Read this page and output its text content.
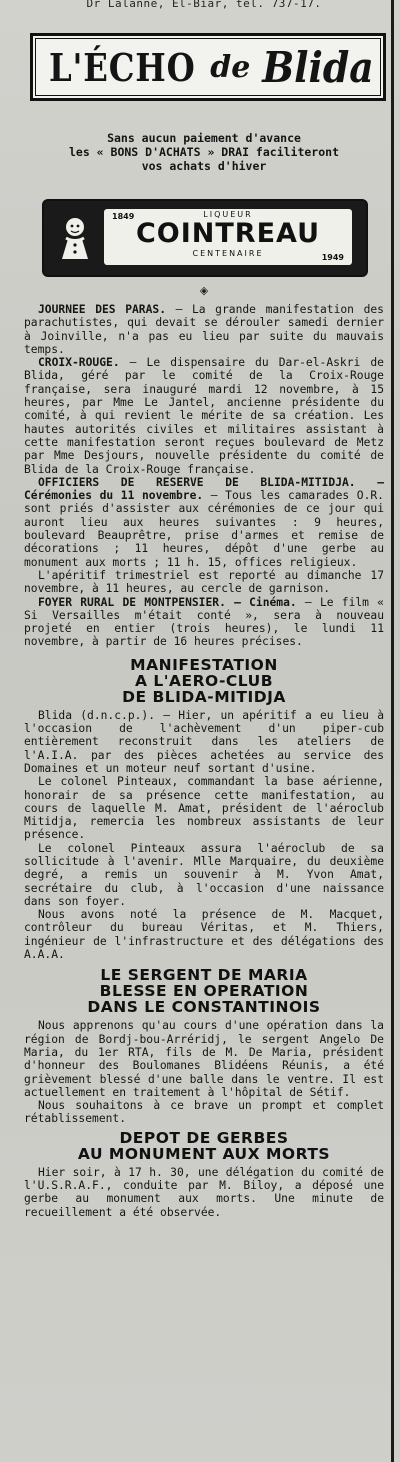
Dr Lalanne, El-Biar, tel. 737-17.
L'ÉCHO de Blida
Sans aucun paiement d'avance
les « BONS D'ACHATS » DRAI faciliteront
vos achats d'hiver
1849	LIQUEUR
COINTREAU
CENTENAIRE	1949
◈

JOURNEE DES PARAS. — La grande manifestation des parachutistes, qui devait se dérouler samedi dernier à Joinville, n'a pas eu lieu par suite du mauvais temps.

CROIX-ROUGE. — Le dispensaire du Dar-el-Askri de Blida, géré par le comité de la Croix-Rouge française, sera inauguré mardi 12 novembre, à 15 heures, par Mme Le Jantel, ancienne présidente du comité, à qui revient le mérite de sa création. Les hautes autorités civiles et militaires assistant à cette manifestation seront reçues boulevard de Metz par Mme Desjours, nouvelle présidente du comité de Blida de la Croix-Rouge française.

OFFICIERS DE RESERVE DE BLIDA-MITIDJA. — Cérémonies du 11 novembre. — Tous les camarades O.R. sont priés d'assister aux cérémonies de ce jour qui auront lieu aux heures suivantes : 9 heures, boulevard Beauprêtre, prise d'armes et remise de décorations ; 11 heures, dépôt d'une gerbe au monument aux morts ; 11 h. 15, offices religieux.

L'apéritif trimestriel est reporté au dimanche 17 novembre, à 11 heures, au cercle de garnison.

FOYER RURAL DE MONTPENSIER. — Cinéma. — Le film « Si Versailles m'était conté », sera à nouveau projeté en entier (trois heures), le lundi 11 novembre, à partir de 16 heures précises.

MANIFESTATION
A L'AERO-CLUB
DE BLIDA-MITIDJA

Blida (d.n.c.p.). — Hier, un apéritif a eu lieu à l'occasion de l'achèvement d'un piper-cub entièrement reconstruit dans les ateliers de l'A.I.A. par des pièces achetées au service des Domaines et un moteur neuf sortant d'usine.

Le colonel Pinteaux, commandant la base aérienne, honorair de sa présence cette manifestation, au cours de laquelle M. Amat, président de l'aéroclub Mitidja, remercia les nombreux assistants de leur présence.

Le colonel Pinteaux assura l'aéroclub de sa sollicitude à l'avenir. Mlle Marquaire, du deuxième degré, a remis un souvenir à M. Yvon Amat, secrétaire du club, à l'occasion d'une naissance dans son foyer.

Nous avons noté la présence de M. Macquet, contrôleur du bureau Véritas, et M. Thiers, ingénieur de l'infrastructure et des délégations des A.A.A.

LE SERGENT DE MARIA
BLESSE EN OPERATION
DANS LE CONSTANTINOIS

Nous apprenons qu'au cours d'une opération dans la région de Bordj-bou-Arréridj, le sergent Angelo De Maria, du 1er RTA, fils de M. De Maria, président d'honneur des Boulomanes Blidéens Réunis, a été grièvement blessé d'une balle dans le ventre. Il est actuellement en traitement à l'hôpital de Sétif.

Nous souhaitons à ce brave un prompt et complet rétablissement.

DEPOT DE GERBES
AU MONUMENT AUX MORTS

Hier soir, à 17 h. 30, une délégation du comité de l'U.S.R.A.F., conduite par M. Biloy, a déposé une gerbe au monument aux morts. Une minute de recueillement a été observée.
